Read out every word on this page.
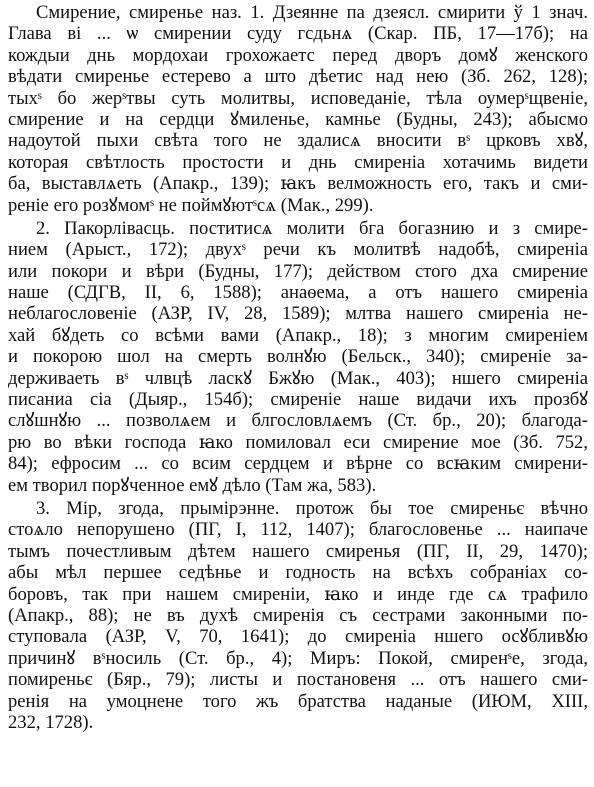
Смирение, смиренье наз. 1. Дзеянне па дзеясл. смирити ў 1 знач.
Глава ві ... ѡ смирении суду гсдьнѧ (Скар. ПБ, 17—17б); на
кождыи днь мордохаи грохожаетс перед дворъ домꙋ женского
вѣдати смиренье естерево а што дѣетис над нею (Зб. 262, 128);
тыхˢ бо жерˢтвы суть молитвы, исповеданіе, тѣла оумерˢщвеніе,
смирение и на сердци ꙋмиленье, камнье (Будны, 243); абысмо
надоутой пыхи свѣта того не здалисѧ вносити вˢ црковъ хвꙋ,
которая свѣтлость простости и днь смиреніа хотачимь видети
ба, выставлѧеть (Апакр., 139); ꙗкъ велможность его, такъ и сми-
реніе его розꙋмомˢ не поймꙋютˢсѧ (Мак., 299).
2. Пакорлівасць. поститисѧ молити бга богазнию и з смире-
нием (Арыст., 172); двухˢ речи къ молитвѣ надобѣ, смиреніа
или покори и вѣри (Будны, 177); действом стого дха смирение
наше (СДГВ, II, 6, 1588); анаѳема, а отъ нашего смиреніа
неблагословеніе (АЗР, IV, 28, 1589); млтва нашего смиреніа не-
хай бꙋдеть со всѣми вами (Апакр., 18); з многим смиреніем
и покорою шол на смерть волнꙋю (Бельск., 340); смиреніе за-
держиваеть вˢ члвцѣ ласкꙋ Бжꙋю (Мак., 403); ншего смиреніа
писаниа сіа (Дыяр., 154б); смиреніе наше видачи ихъ прозбꙋ
слꙋшнꙋю ... позволѧем и блгословлѧемъ (Ст. бр., 20); благода-
рю во вѣки господа ꙗко помиловал еси смирение мое (Зб. 752,
84); ефросим ... со всим сердцем и вѣрне со всꙗким смирени-
ем творил порꙋченное емꙋ дѣло (Там жа, 583).
3. Мір, згода, прымірэнне. протож бы тое смиреньє вѣчно
стоѧло непорушено (ПГ, I, 112, 1407); благословенье ... наипаче
тымъ почестливым дѣтем нашего смиренья (ПГ, II, 29, 1470);
абы мѣл першее седѣнье и годность на всѣхъ собраніах со-
боровъ, так при нашем смиреніи, ꙗко и инде где сѧ трафило
(Апакр., 88); не въ духѣ смиренія съ сестрами законными по-
ступовала (АЗР, V, 70, 1641); до смиреніа ншего осꙋбливꙋю
причинꙋ вˢносиль (Ст. бр., 4); Миръ: Покой, смиренˢе, згода,
помиреньє (Бяр., 79); листы и постановеня ... отъ нашего сми-
ренія на умоцнене того жъ братства наданые (ИЮМ, XIII,
232, 1728).
